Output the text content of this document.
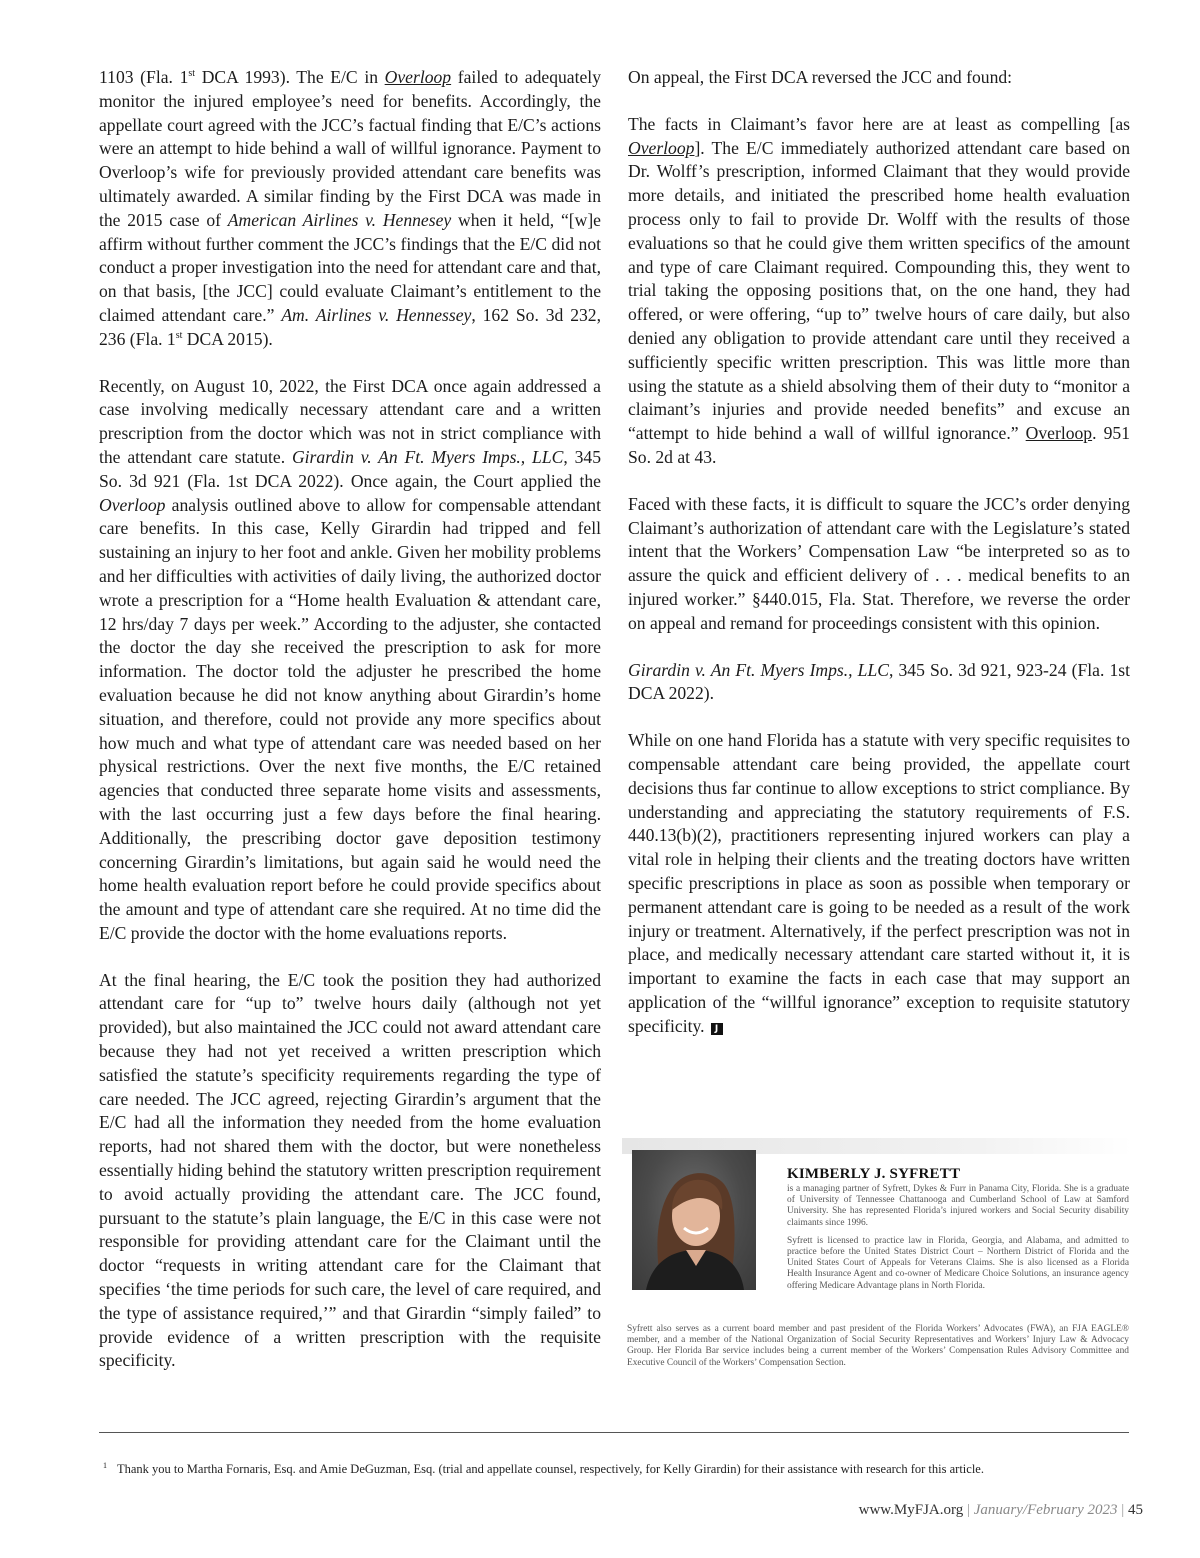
1103 (Fla. 1st DCA 1993). The E/C in Overloop failed to adequately monitor the injured employee’s need for benefits. Accordingly, the appellate court agreed with the JCC’s factual finding that E/C’s actions were an attempt to hide behind a wall of willful ignorance. Payment to Overloop’s wife for previously provided attendant care benefits was ultimately awarded. A similar finding by the First DCA was made in the 2015 case of American Airlines v. Hennesey when it held, “[w]e affirm without further comment the JCC’s findings that the E/C did not conduct a proper investigation into the need for attendant care and that, on that basis, [the JCC] could evaluate Claimant’s entitlement to the claimed attendant care.” Am. Airlines v. Hennessey, 162 So. 3d 232, 236 (Fla. 1st DCA 2015).

Recently, on August 10, 2022, the First DCA once again addressed a case involving medically necessary attendant care and a written prescription from the doctor which was not in strict compliance with the attendant care statute. Girardin v. An Ft. Myers Imps., LLC, 345 So. 3d 921 (Fla. 1st DCA 2022). Once again, the Court applied the Overloop analysis outlined above to allow for compensable attendant care benefits. In this case, Kelly Girardin had tripped and fell sustaining an injury to her foot and ankle. Given her mobility problems and her difficulties with activities of daily living, the authorized doctor wrote a prescription for a “Home health Evaluation & attendant care, 12 hrs/day 7 days per week.” According to the adjuster, she contacted the doctor the day she received the prescription to ask for more information. The doctor told the adjuster he prescribed the home evaluation because he did not know anything about Girardin’s home situation, and therefore, could not provide any more specifics about how much and what type of attendant care was needed based on her physical restrictions. Over the next five months, the E/C retained agencies that conducted three separate home visits and assessments, with the last occurring just a few days before the final hearing. Additionally, the prescribing doctor gave deposition testimony concerning Girardin’s limitations, but again said he would need the home health evaluation report before he could provide specifics about the amount and type of attendant care she required. At no time did the E/C provide the doctor with the home evaluations reports.

At the final hearing, the E/C took the position they had authorized attendant care for “up to” twelve hours daily (although not yet provided), but also maintained the JCC could not award attendant care because they had not yet received a written prescription which satisfied the statute’s specificity requirements regarding the type of care needed. The JCC agreed, rejecting Girardin’s argument that the E/C had all the information they needed from the home evaluation reports, had not shared them with the doctor, but were nonetheless essentially hiding behind the statutory written prescription requirement to avoid actually providing the attendant care. The JCC found, pursuant to the statute’s plain language, the E/C in this case were not responsible for providing attendant care for the Claimant until the doctor “requests in writing attendant care for the Claimant that specifies ‘the time periods for such care, the level of care required, and the type of assistance required,’” and that Girardin “simply failed” to provide evidence of a written prescription with the requisite specificity.

On appeal, the First DCA reversed the JCC and found:

The facts in Claimant’s favor here are at least as compelling [as Overloop]. The E/C immediately authorized attendant care based on Dr. Wolff’s prescription, informed Claimant that they would provide more details, and initiated the prescribed home health evaluation process only to fail to provide Dr. Wolff with the results of those evaluations so that he could give them written specifics of the amount and type of care Claimant required. Compounding this, they went to trial taking the opposing positions that, on the one hand, they had offered, or were offering, “up to” twelve hours of care daily, but also denied any obligation to provide attendant care until they received a sufficiently specific written prescription. This was little more than using the statute as a shield absolving them of their duty to “monitor a claimant’s injuries and provide needed benefits” and excuse an “attempt to hide behind a wall of willful ignorance.” Overloop. 951 So. 2d at 43.

Faced with these facts, it is difficult to square the JCC’s order denying Claimant’s authorization of attendant care with the Legislature’s stated intent that the Workers’ Compensation Law “be interpreted so as to assure the quick and efficient delivery of . . . medical benefits to an injured worker.” §440.015, Fla. Stat. Therefore, we reverse the order on appeal and remand for proceedings consistent with this opinion.

Girardin v. An Ft. Myers Imps., LLC, 345 So. 3d 921, 923-24 (Fla. 1st DCA 2022).

While on one hand Florida has a statute with very specific requisites to compensable attendant care being provided, the appellate court decisions thus far continue to allow exceptions to strict compliance. By understanding and appreciating the statutory requirements of F.S. 440.13(b)(2), practitioners representing injured workers can play a vital role in helping their clients and the treating doctors have written specific prescriptions in place as soon as possible when temporary or permanent attendant care is going to be needed as a result of the work injury or treatment. Alternatively, if the perfect prescription was not in place, and medically necessary attendant care started without it, it is important to examine the facts in each case that may support an application of the “willful ignorance” exception to requisite statutory specificity. J

KIMBERLY J. SYFRETT

is a managing partner of Syfrett, Dykes & Furr in Panama City, Florida. She is a graduate of University of Tennessee Chattanooga and Cumberland School of Law at Samford University. She has represented Florida’s injured workers and Social Security disability claimants since 1996.

Syfrett is licensed to practice law in Florida, Georgia, and Alabama, and admitted to practice before the United States District Court – Northern District of Florida and the United States Court of Appeals for Veterans Claims. She is also licensed as a Florida Health Insurance Agent and co-owner of Medicare Choice Solutions, an insurance agency offering Medicare Advantage plans in North Florida.

Syfrett also serves as a current board member and past president of the Florida Workers’ Advocates (FWA), an FJA EAGLE® member, and a member of the National Organization of Social Security Representatives and Workers’ Injury Law & Advocacy Group. Her Florida Bar service includes being a current member of the Workers’ Compensation Rules Advisory Committee and Executive Council of the Workers’ Compensation Section.

$^1$ Thank you to Martha Fornaris, Esq. and Amie DeGuzman, Esq. (trial and appellate counsel, respectively, for Kelly Girardin) for their assistance with research for this article.
www.MyFJA.org | January/February 2023 | 45
